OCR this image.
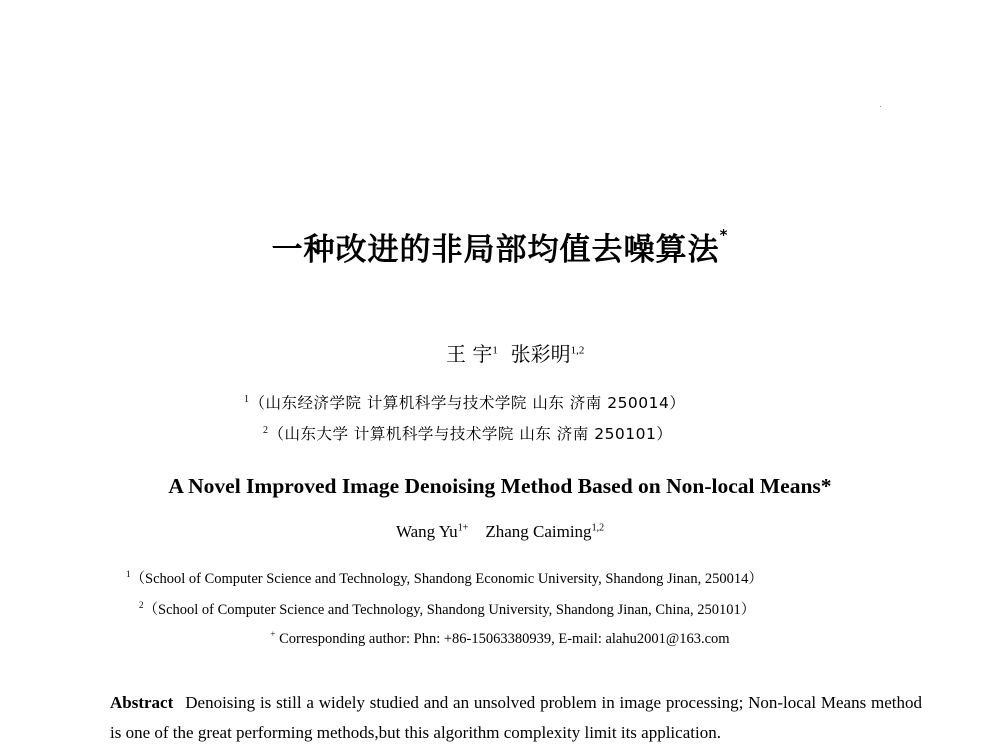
一种改进的非局部均值去噪算法*
王 宇$^1$ 张彩明$^{1,2}$
$^1$（山东经济学院 计算机科学与技术学院 山东 济南 250014）
$^2$（山东大学 计算机科学与技术学院 山东 济南 250101）
A Novel Improved Image Denoising Method Based on Non-local Means*
Wang $Yu^{1+}$ Zhang Caiming$^{1,2}$
$^1$（School of Computer Science and Technology, Shandong Economic University, Shandong Jinan, 250014）
$^2$（School of Computer Science and Technology, Shandong University, Shandong Jinan, China, 250101）
+ Corresponding author: Phn: +86-15063380939, E-mail: alahu2001@163.com
Abstract Denoising is still a widely studied and an unsolved problem in image processing; Non-local Means method is one of the great performing methods,but this algorithm complexity limit its application.
